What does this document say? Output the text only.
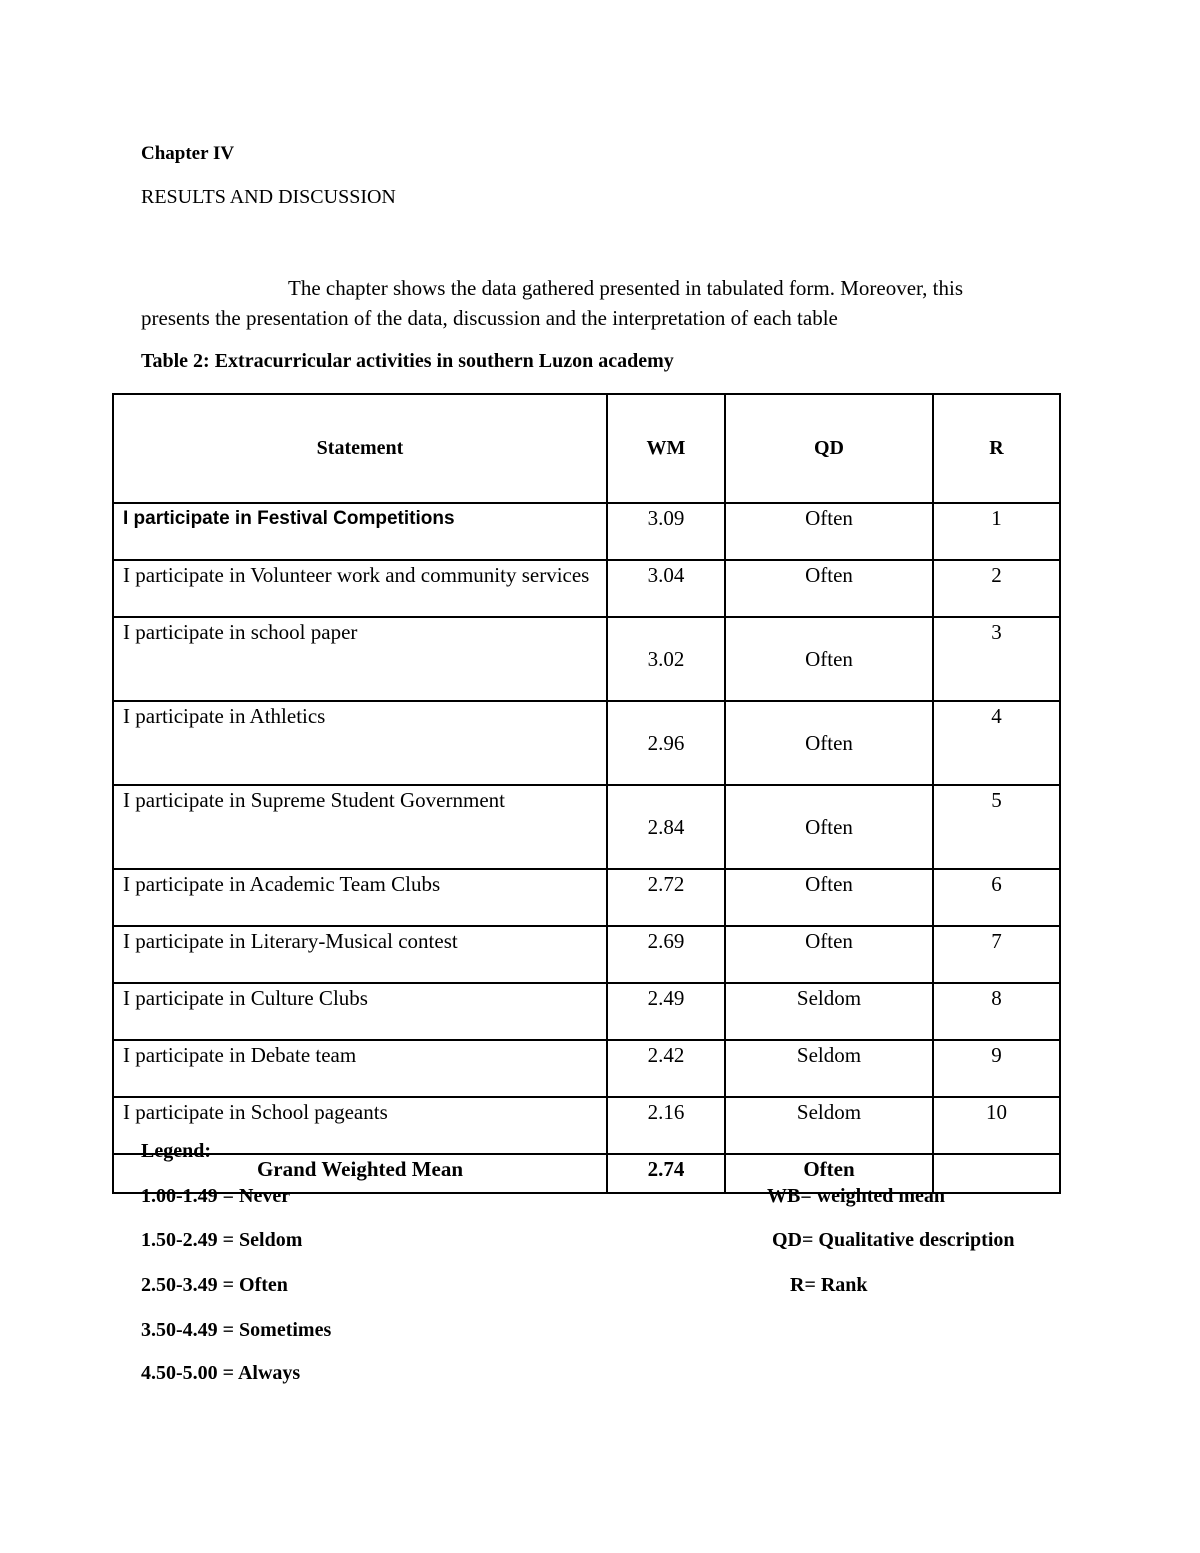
Chapter IV
RESULTS AND DISCUSSION
The chapter shows the data gathered presented in tabulated form. Moreover, this
presents the presentation of the data, discussion and the interpretation of each table
Table 2: Extracurricular activities in southern Luzon academy
Statement	WM	QD	R
I participate in Festival Competitions	3.09	Often	1
I participate in Volunteer work and community services	3.04	Often	2
I participate in school paper	3.02	Often	3
I participate in Athletics	2.96	Often	4
I participate in Supreme Student Government	2.84	Often	5
I participate in Academic Team Clubs	2.72	Often	6
I participate in Literary-Musical contest	2.69	Often	7
I participate in Culture Clubs	2.49	Seldom	8
I participate in Debate team	2.42	Seldom	9
I participate in School pageants	2.16	Seldom	10
Grand Weighted Mean	2.74	Often	
Legend:
1.00-1.49 = Never
1.50-2.49 = Seldom
2.50-3.49 = Often
3.50-4.49 = Sometimes
4.50-5.00 = Always
WB= weighted mean
QD= Qualitative description
R= Rank
